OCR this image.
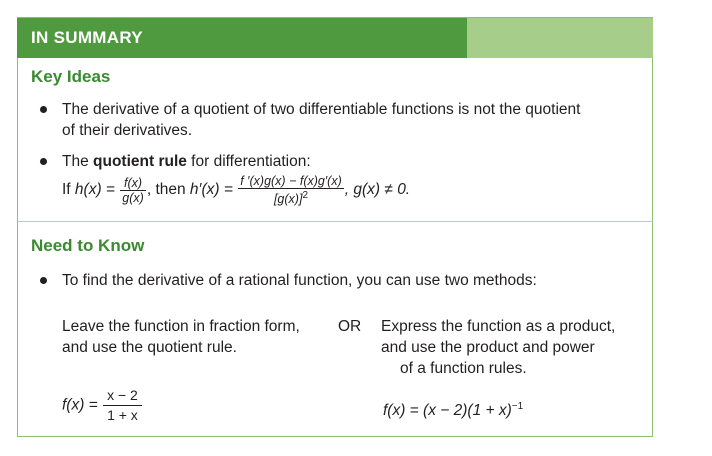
IN SUMMARY
Key Ideas
The derivative of a quotient of two differentiable functions is not the quotient
of their derivatives.
The quotient rule for differentiation:
If $h(x) = \frac{f(x)}{g(x)}$ , then $h'(x) = \frac{f '(x)g(x) - f(x)g'(x)}{[g(x)]^2}$ , g(x) ≠ 0.
Need to Know
To find the derivative of a rational function, you can use two methods:
Leave the function in fraction form,
and use the quotient rule.
OR Express the function as a product,
and use the product and power
of a function rules.
$f(x) = \frac{x - 2}{1 + x}$	$f(x) = (x - 2)(1 + x)^{-1}$
